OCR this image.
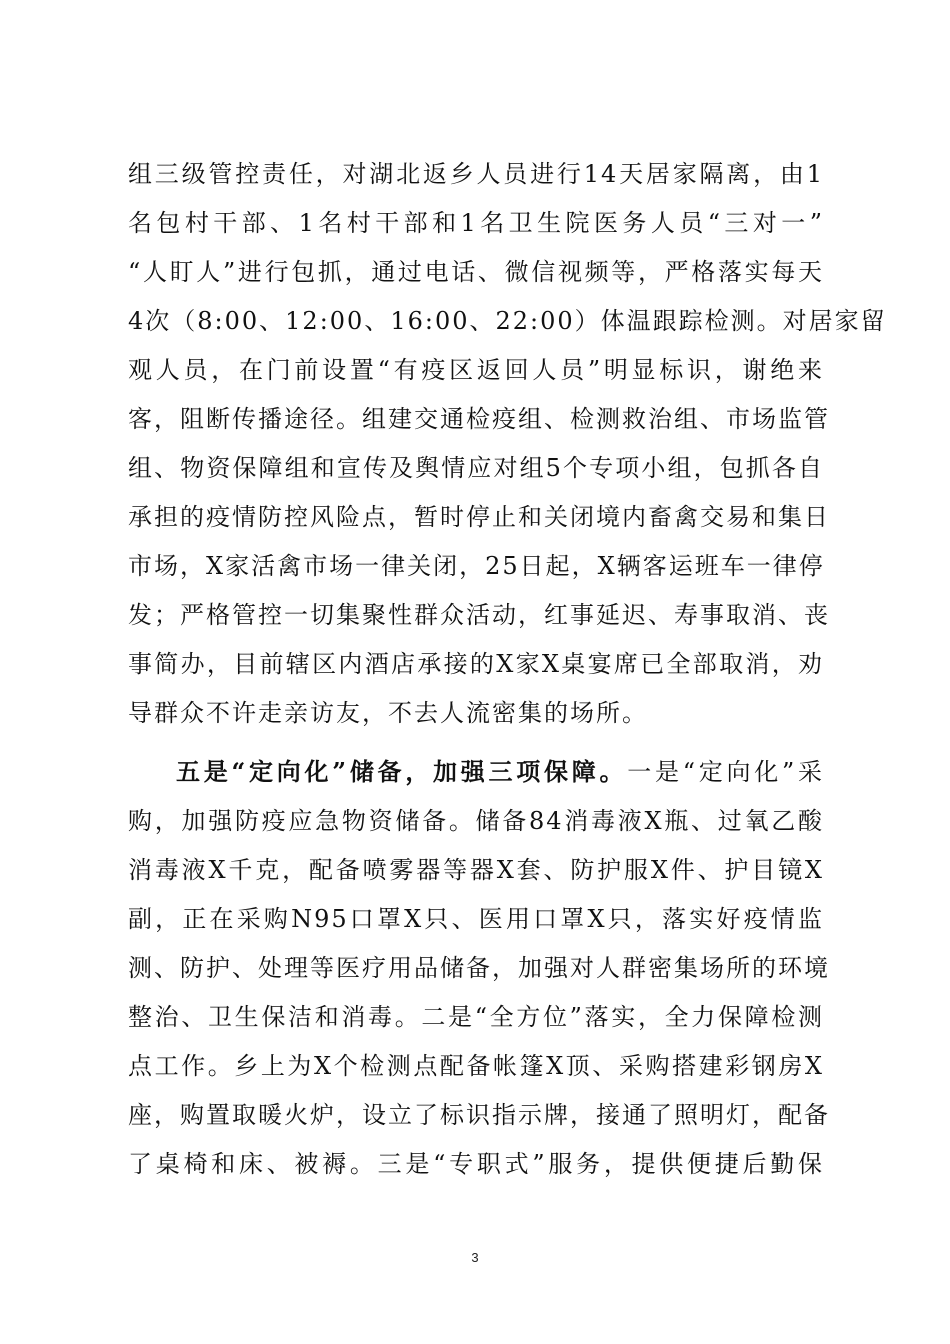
组三级管控责任，对湖北返乡人员进行14天居家隔离，由1
名包村干部、1名村干部和1名卫生院医务人员“三对一”
“人盯人”进行包抓，通过电话、微信视频等，严格落实每天
4次（8:00、12:00、16:00、22:00）体温跟踪检测。对居家留
观人员，在门前设置“有疫区返回人员”明显标识，谢绝来
客，阻断传播途径。组建交通检疫组、检测救治组、市场监管
组、物资保障组和宣传及舆情应对组5个专项小组，包抓各自
承担的疫情防控风险点，暂时停止和关闭境内畜禽交易和集日
市场，X家活禽市场一律关闭，25日起，X辆客运班车一律停
发；严格管控一切集聚性群众活动，红事延迟、寿事取消、丧
事简办，目前辖区内酒店承接的X家X桌宴席已全部取消，劝
导群众不许走亲访友，不去人流密集的场所。
五是“定向化”储备，加强三项保障。一是“定向化”采
购，加强防疫应急物资储备。储备84消毒液X瓶、过氧乙酸
消毒液X千克，配备喷雾器等器X套、防护服X件、护目镜X
副，正在采购N95口罩X只、医用口罩X只，落实好疫情监
测、防护、处理等医疗用品储备，加强对人群密集场所的环境
整治、卫生保洁和消毒。二是“全方位”落实，全力保障检测
点工作。乡上为X个检测点配备帐篷X顶、采购搭建彩钢房X
座，购置取暖火炉，设立了标识指示牌，接通了照明灯，配备
了桌椅和床、被褥。三是“专职式”服务，提供便捷后勤保
3
